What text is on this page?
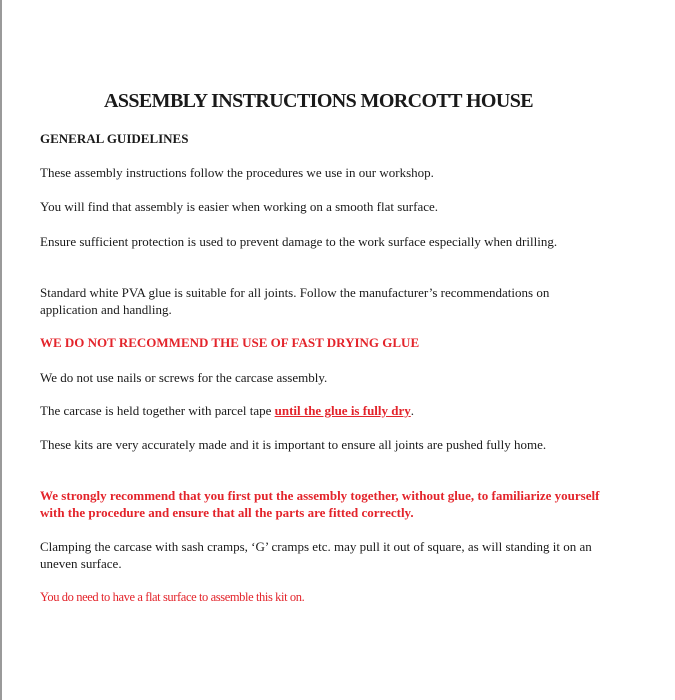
ASSEMBLY INSTRUCTIONS MORCOTT HOUSE
GENERAL GUIDELINES

These assembly instructions follow the procedures we use in our workshop.

You will find that assembly is easier when working on a smooth flat surface.

Ensure sufficient protection is used to prevent damage to the work surface especially when drilling.

Standard white PVA glue is suitable for all joints. Follow the manufacturer’s recommendations on application and handling.

WE DO NOT RECOMMEND THE USE OF FAST DRYING GLUE

We do not use nails or screws for the carcase assembly.

The carcase is held together with parcel tape until the glue is fully dry.

These kits are very accurately made and it is important to ensure all joints are pushed fully home.

We strongly recommend that you first put the assembly together, without glue, to familiarize yourself with the procedure and ensure that all the parts are fitted correctly.

Clamping the carcase with sash cramps, ‘G’ cramps etc. may pull it out of square, as will standing it on an uneven surface.

You do need to have a flat surface to assemble this kit on.
